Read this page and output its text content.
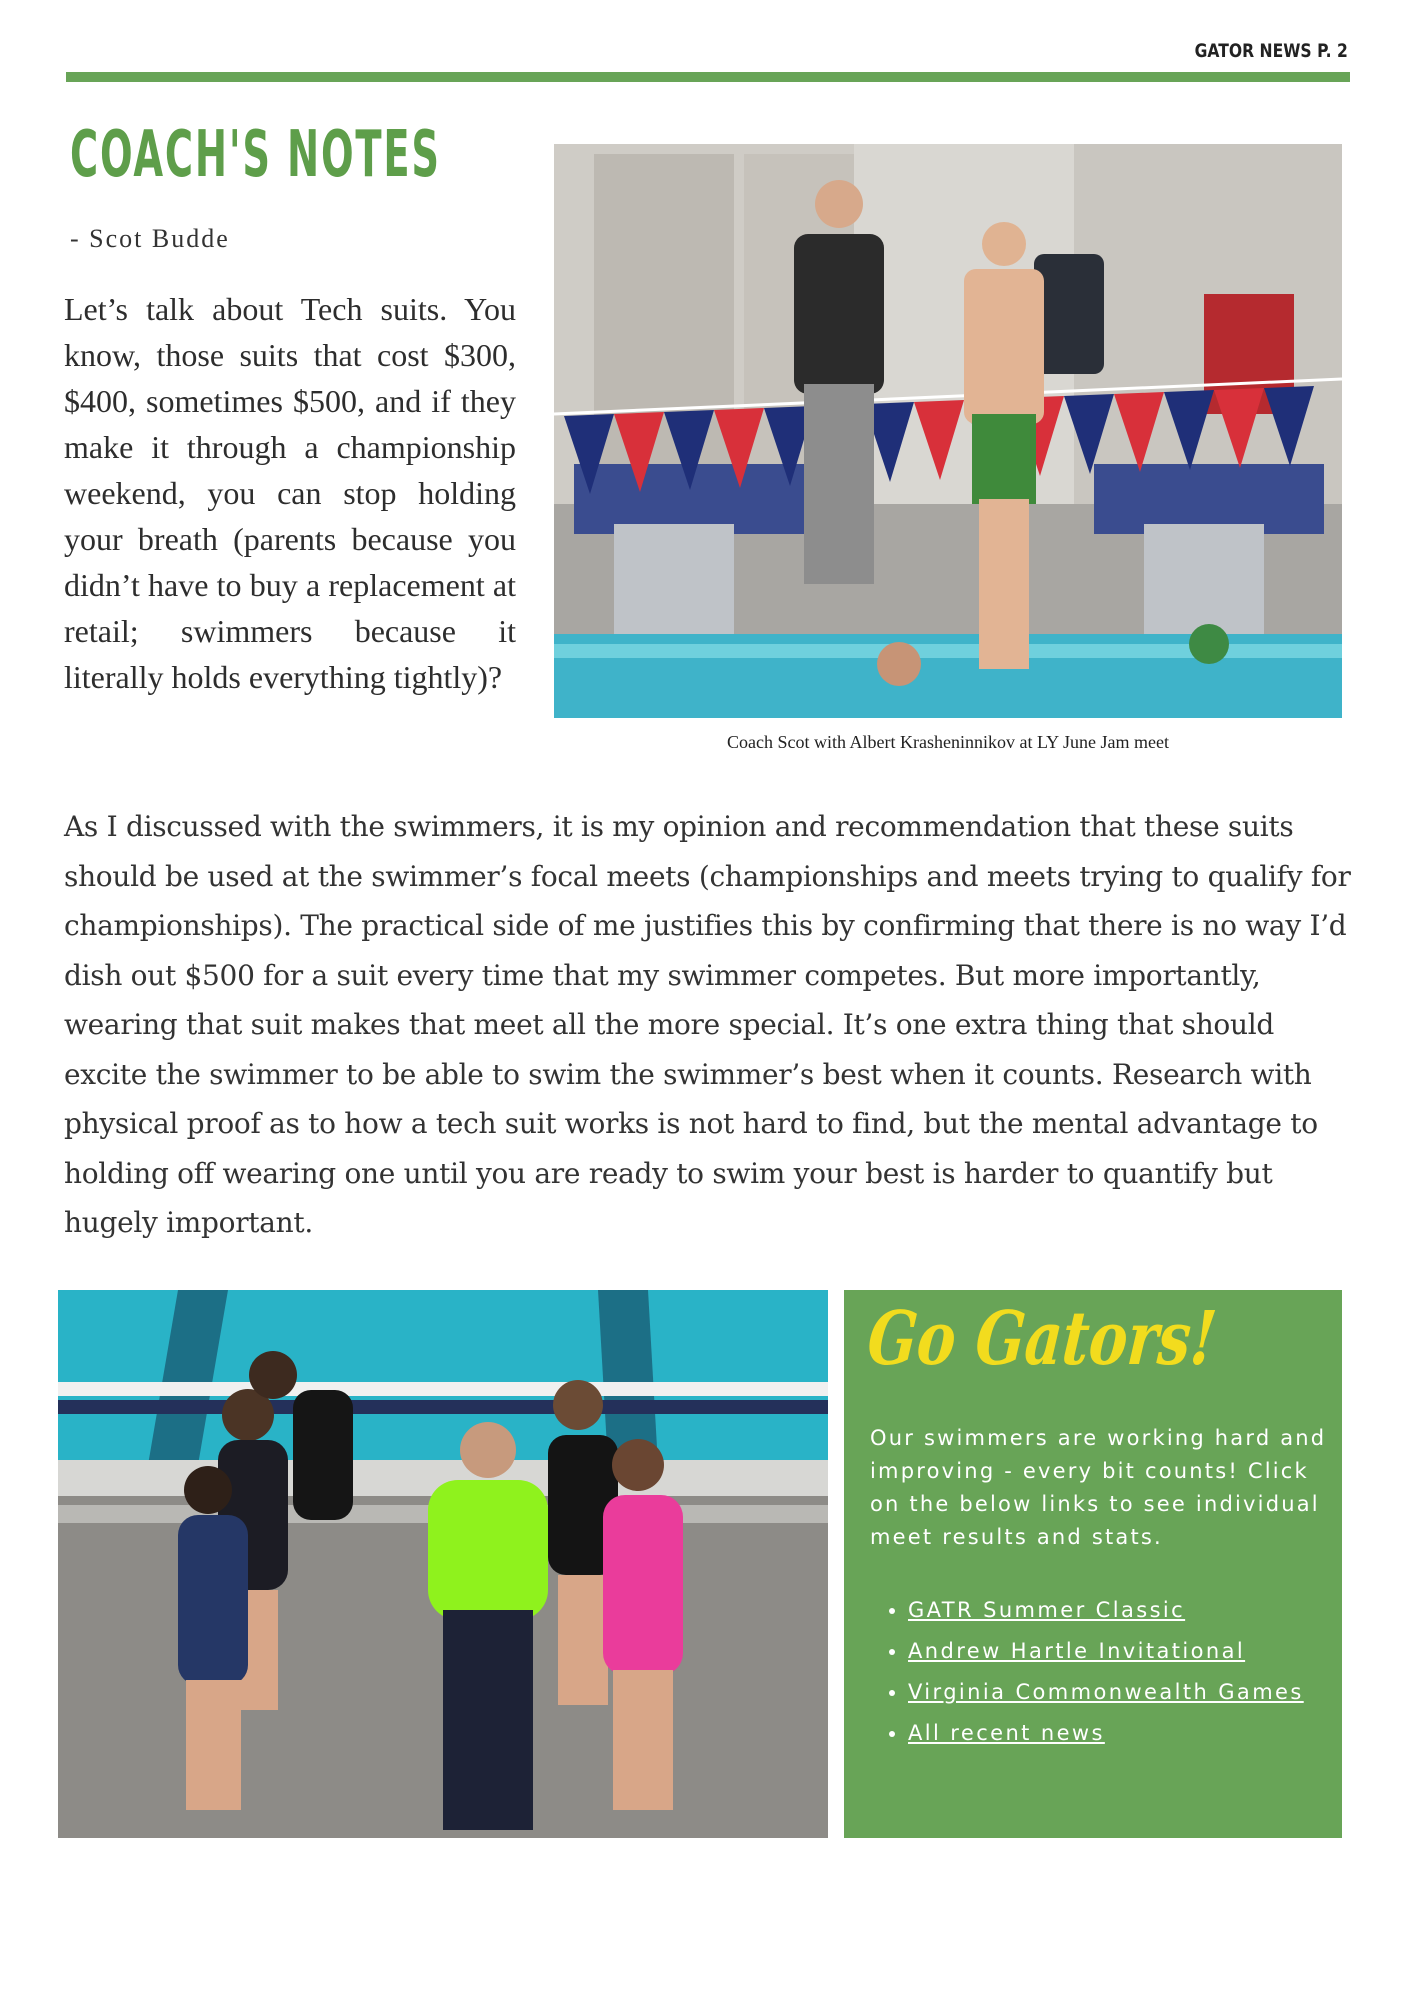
GATOR NEWS P. 2
COACH'S NOTES
- Scot Budde

Let’s talk about Tech suits. You know, those suits that cost $300, $400, sometimes $500, and if they make it through a championship weekend, you can stop holding your breath (parents because you didn’t have to buy a replacement at retail; swimmers because it literally holds everything tightly)?

Coach Scot with Albert Krasheninnikov at LY June Jam meet

As I discussed with the swimmers, it is my opinion and recommendation that these suits should be used at the swimmer’s focal meets (championships and meets trying to qualify for championships). The practical side of me justifies this by confirming that there is no way I’d dish out $500 for a suit every time that my swimmer competes. But more importantly, wearing that suit makes that meet all the more special. It’s one extra thing that should excite the swimmer to be able to swim the swimmer’s best when it counts. Research with physical proof as to how a tech suit works is not hard to find, but the mental advantage to holding off wearing one until you are ready to swim your best is harder to quantify but hugely important.

Go Gators!

Our swimmers are working hard and improving - every bit counts! Click on the below links to see individual meet results and stats.

• GATR Summer Classic
• Andrew Hartle Invitational
• Virginia Commonwealth Games
• All recent news
